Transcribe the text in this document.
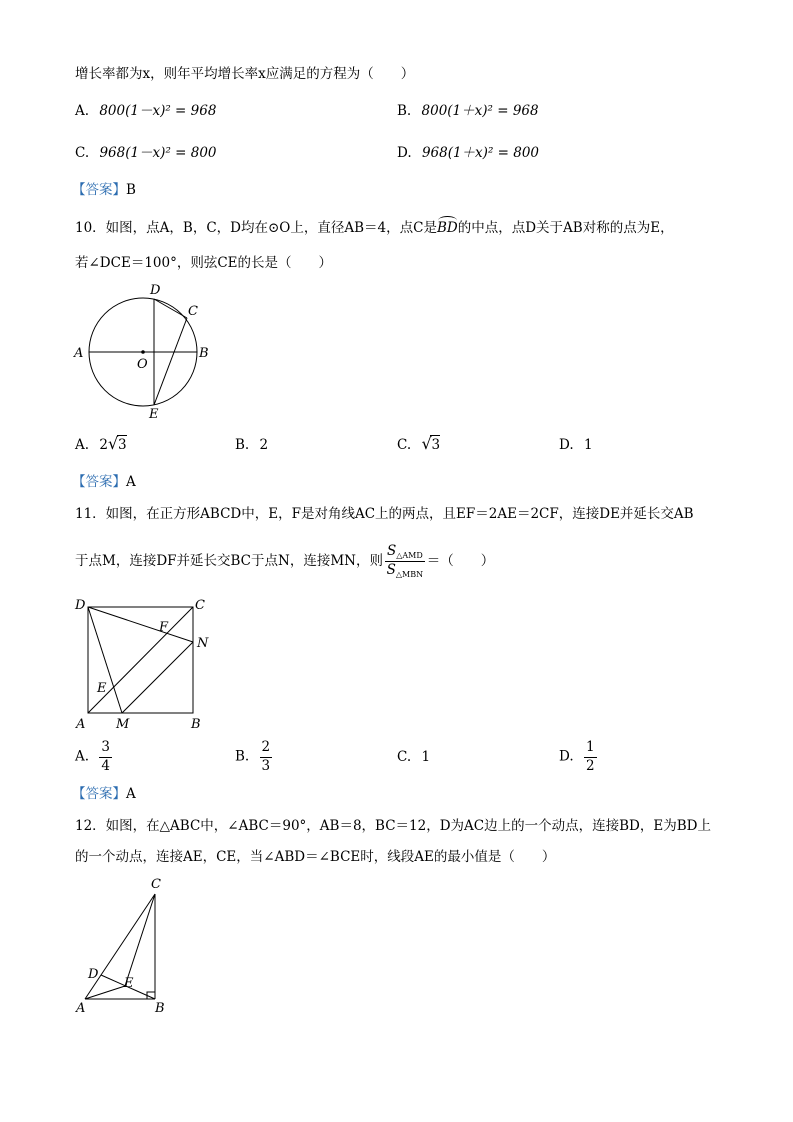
增长率都为x，则年平均增长率x应满足的方程为（　　）
A. 800(1－x)² = 968	B. 800(1＋x)² = 968
C. 968(1－x)² = 800	D. 968(1＋x)² = 800
【答案】B
10．如图，点A，B，C，D均在⊙O上，直径AB＝4，点C是BD的中点，点D关于AB对称的点为E，
若∠DCE＝100°，则弦CE的长是（　　）
A	B
C
D
E
O
A. 2 √ 3	B. 2	C. √ 3	D. 1
【答案】A
11．如图，在正方形ABCD中，E，F是对角线AC上的两点，且EF＝2AE＝2CF，连接DE并延长交AB
于点M，连接DF并延长交BC于点N，连接MN，则 $\frac{S_{\triangle AMD}}{S_{\triangle MBN}}$ ＝（　　）
D	C
A	B
M
N
E
F
A. $\frac{3}{4}$	B. $\frac{2}{3}$	C. 1	D. $\frac{1}{2}$
【答案】A
12．如图，在△ABC中，∠ABC＝90°，AB＝8，BC＝12，D为AC边上的一个动点，连接BD，E为BD上
的一个动点，连接AE，CE，当∠ABD＝∠BCE时，线段AE的最小值是（　　）
C
D
E
A	B
